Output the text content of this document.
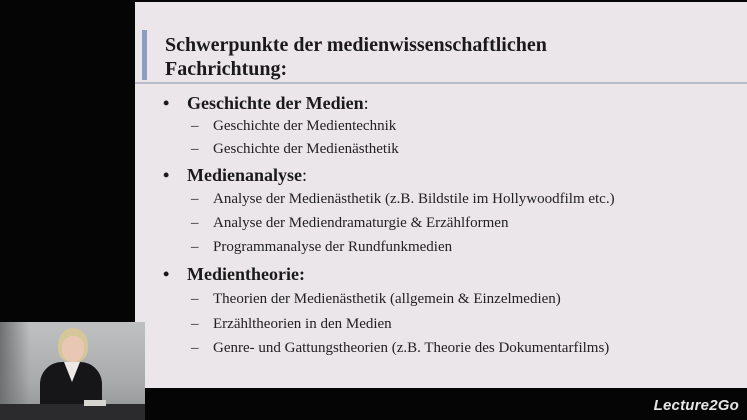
Schwerpunkte der medienwissenschaftlichen
Fachrichtung:
• Geschichte der Medien:
– Geschichte der Medientechnik
– Geschichte der Medienästhetik
• Medienanalyse:
– Analyse der Medienästhetik (z.B. Bildstile im Hollywoodfilm etc.)
– Analyse der Mediendramaturgie & Erzählformen
– Programmanalyse der Rundfunkmedien
• Medientheorie:
– Theorien der Medienästhetik (allgemein & Einzelmedien)
– Erzähltheorien in den Medien
– Genre- und Gattungstheorien (z.B. Theorie des Dokumentarfilms)
Lecture2Go
